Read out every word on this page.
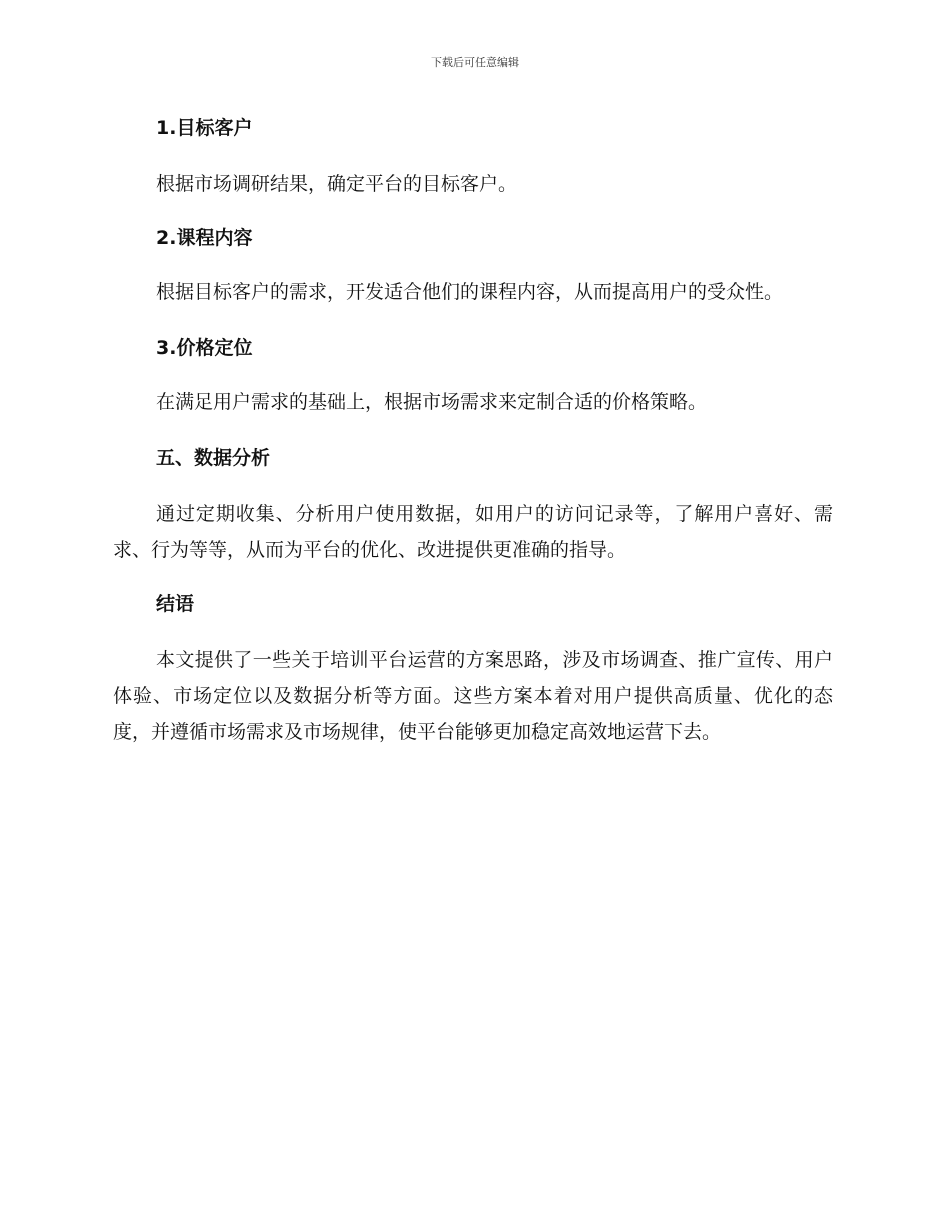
下载后可任意编辑
1.目标客户

根据市场调研结果，确定平台的目标客户。

2.课程内容

根据目标客户的需求，开发适合他们的课程内容，从而提高用户的受众性。

3.价格定位

在满足用户需求的基础上，根据市场需求来定制合适的价格策略。

五、数据分析

通过定期收集、分析用户使用数据，如用户的访问记录等，了解用户喜好、需求、行为等等，从而为平台的优化、改进提供更准确的指导。

结语

本文提供了一些关于培训平台运营的方案思路，涉及市场调查、推广宣传、用户体验、市场定位以及数据分析等方面。这些方案本着对用户提供高质量、优化的态度，并遵循市场需求及市场规律，使平台能够更加稳定高效地运营下去。
